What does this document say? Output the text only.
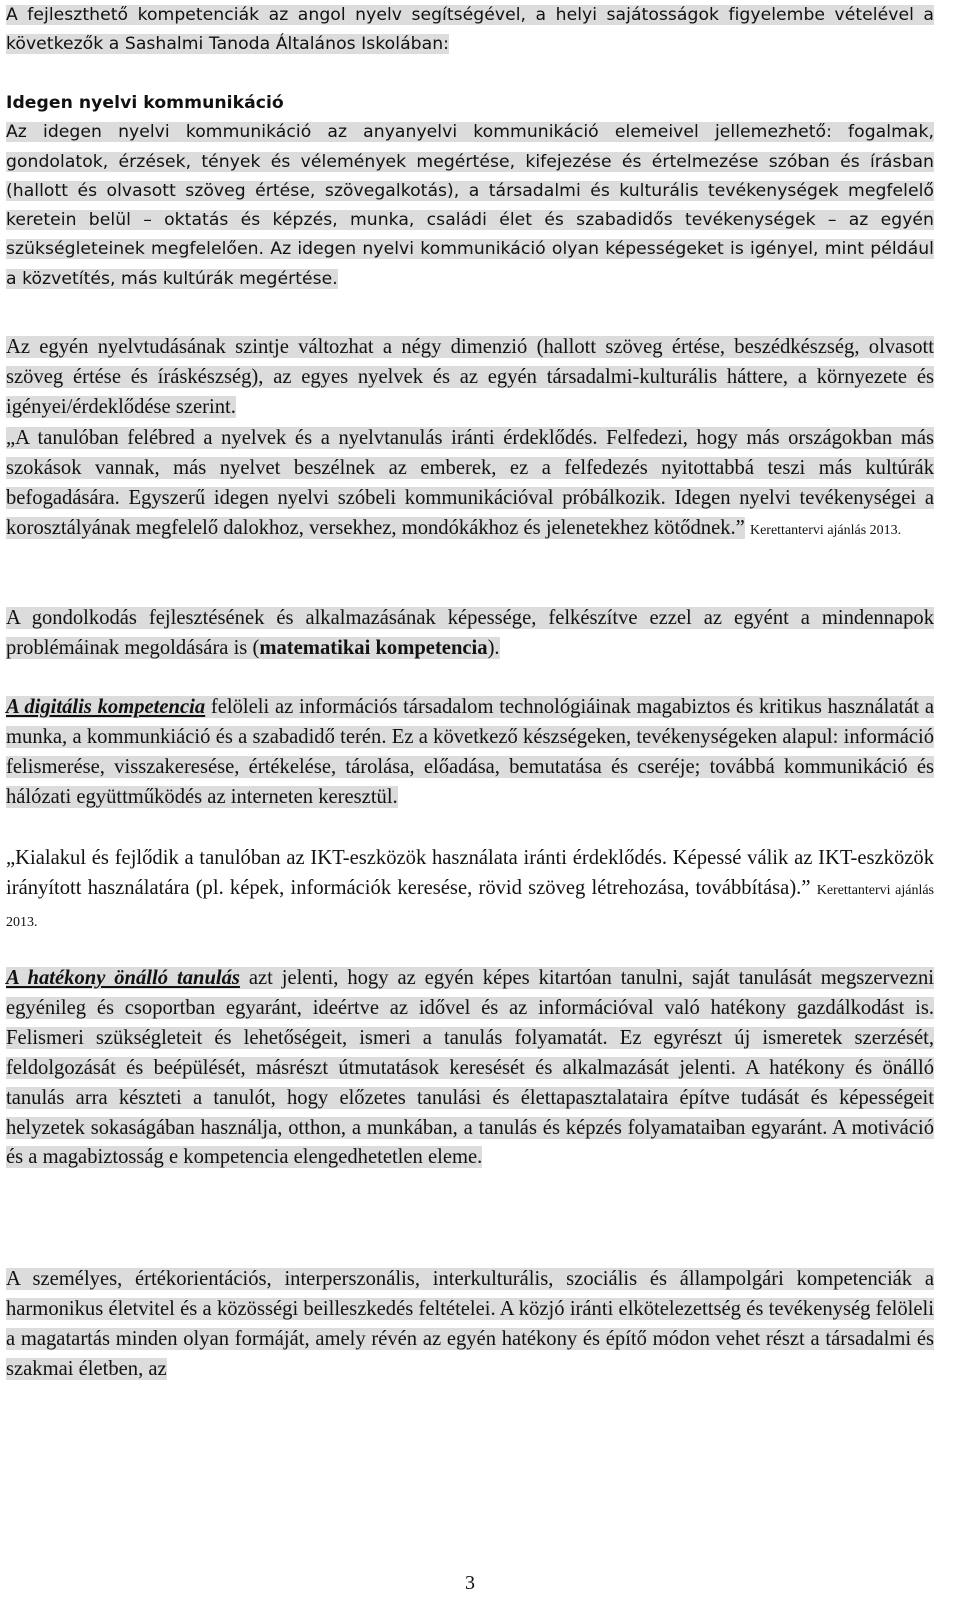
A fejleszthető kompetenciák az angol nyelv segítségével, a helyi sajátosságok figyelembe vételével a következők a Sashalmi Tanoda Általános Iskolában:

Idegen nyelvi kommunikáció

Az idegen nyelvi kommunikáció az anyanyelvi kommunikáció elemeivel jellemezhető: fogalmak, gondolatok, érzések, tények és vélemények megértése, kifejezése és értelmezése szóban és írásban (hallott és olvasott szöveg értése, szövegalkotás), a társadalmi és kulturális tevékenységek megfelelő keretein belül – oktatás és képzés, munka, családi élet és szabadidős tevékenységek – az egyén szükségleteinek megfelelően. Az idegen nyelvi kommunikáció olyan képességeket is igényel, mint például a közvetítés, más kultúrák megértése.

Az egyén nyelvtudásának szintje változhat a négy dimenzió (hallott szöveg értése, beszédkészség, olvasott szöveg értése és íráskészség), az egyes nyelvek és az egyén társadalmi-kulturális háttere, a környezete és igényei/érdeklődése szerint.

„A tanulóban felébred a nyelvek és a nyelvtanulás iránti érdeklődés. Felfedezi, hogy más országokban más szokások vannak, más nyelvet beszélnek az emberek, ez a felfedezés nyitottabbá teszi más kultúrák befogadására. Egyszerű idegen nyelvi szóbeli kommunikációval próbálkozik. Idegen nyelvi tevékenységei a korosztályának megfelelő dalokhoz, versekhez, mondókákhoz és jelenetekhez kötődnek.” Kerettantervi ajánlás 2013.

A gondolkodás fejlesztésének és alkalmazásának képessége, felkészítve ezzel az egyént a mindennapok problémáinak megoldására is (matematikai kompetencia).

A digitális kompetencia felöleli az információs társadalom technológiáinak magabiztos és kritikus használatát a munka, a kommunkiáció és a szabadidő terén. Ez a következő készségeken, tevékenységeken alapul: információ felismerése, visszakeresése, értékelése, tárolása, előadása, bemutatása és cseréje; továbbá kommunikáció és hálózati együttműködés az interneten keresztül.

„Kialakul és fejlődik a tanulóban az IKT-eszközök használata iránti érdeklődés. Képessé válik az IKT-eszközök irányított használatára (pl. képek, információk keresése, rövid szöveg létrehozása, továbbítása).” Kerettantervi ajánlás 2013.

A hatékony önálló tanulás azt jelenti, hogy az egyén képes kitartóan tanulni, saját tanulását megszervezni egyénileg és csoportban egyaránt, ideértve az idővel és az információval való hatékony gazdálkodást is. Felismeri szükségleteit és lehetőségeit, ismeri a tanulás folyamatát. Ez egyrészt új ismeretek szerzését, feldolgozását és beépülését, másrészt útmutatások keresését és alkalmazását jelenti. A hatékony és önálló tanulás arra készteti a tanulót, hogy előzetes tanulási és élettapasztalataira építve tudását és képességeit helyzetek sokaságában használja, otthon, a munkában, a tanulás és képzés folyamataiban egyaránt. A motiváció és a magabiztosság e kompetencia elengedhetetlen eleme.

A személyes, értékorientációs, interperszonális, interkulturális, szociális és állampolgári kompetenciák a harmonikus életvitel és a közösségi beilleszkedés feltételei. A közjó iránti elkötelezettség és tevékenység felöleli a magatartás minden olyan formáját, amely révén az egyén hatékony és építő módon vehet részt a társadalmi és szakmai életben, az

3
